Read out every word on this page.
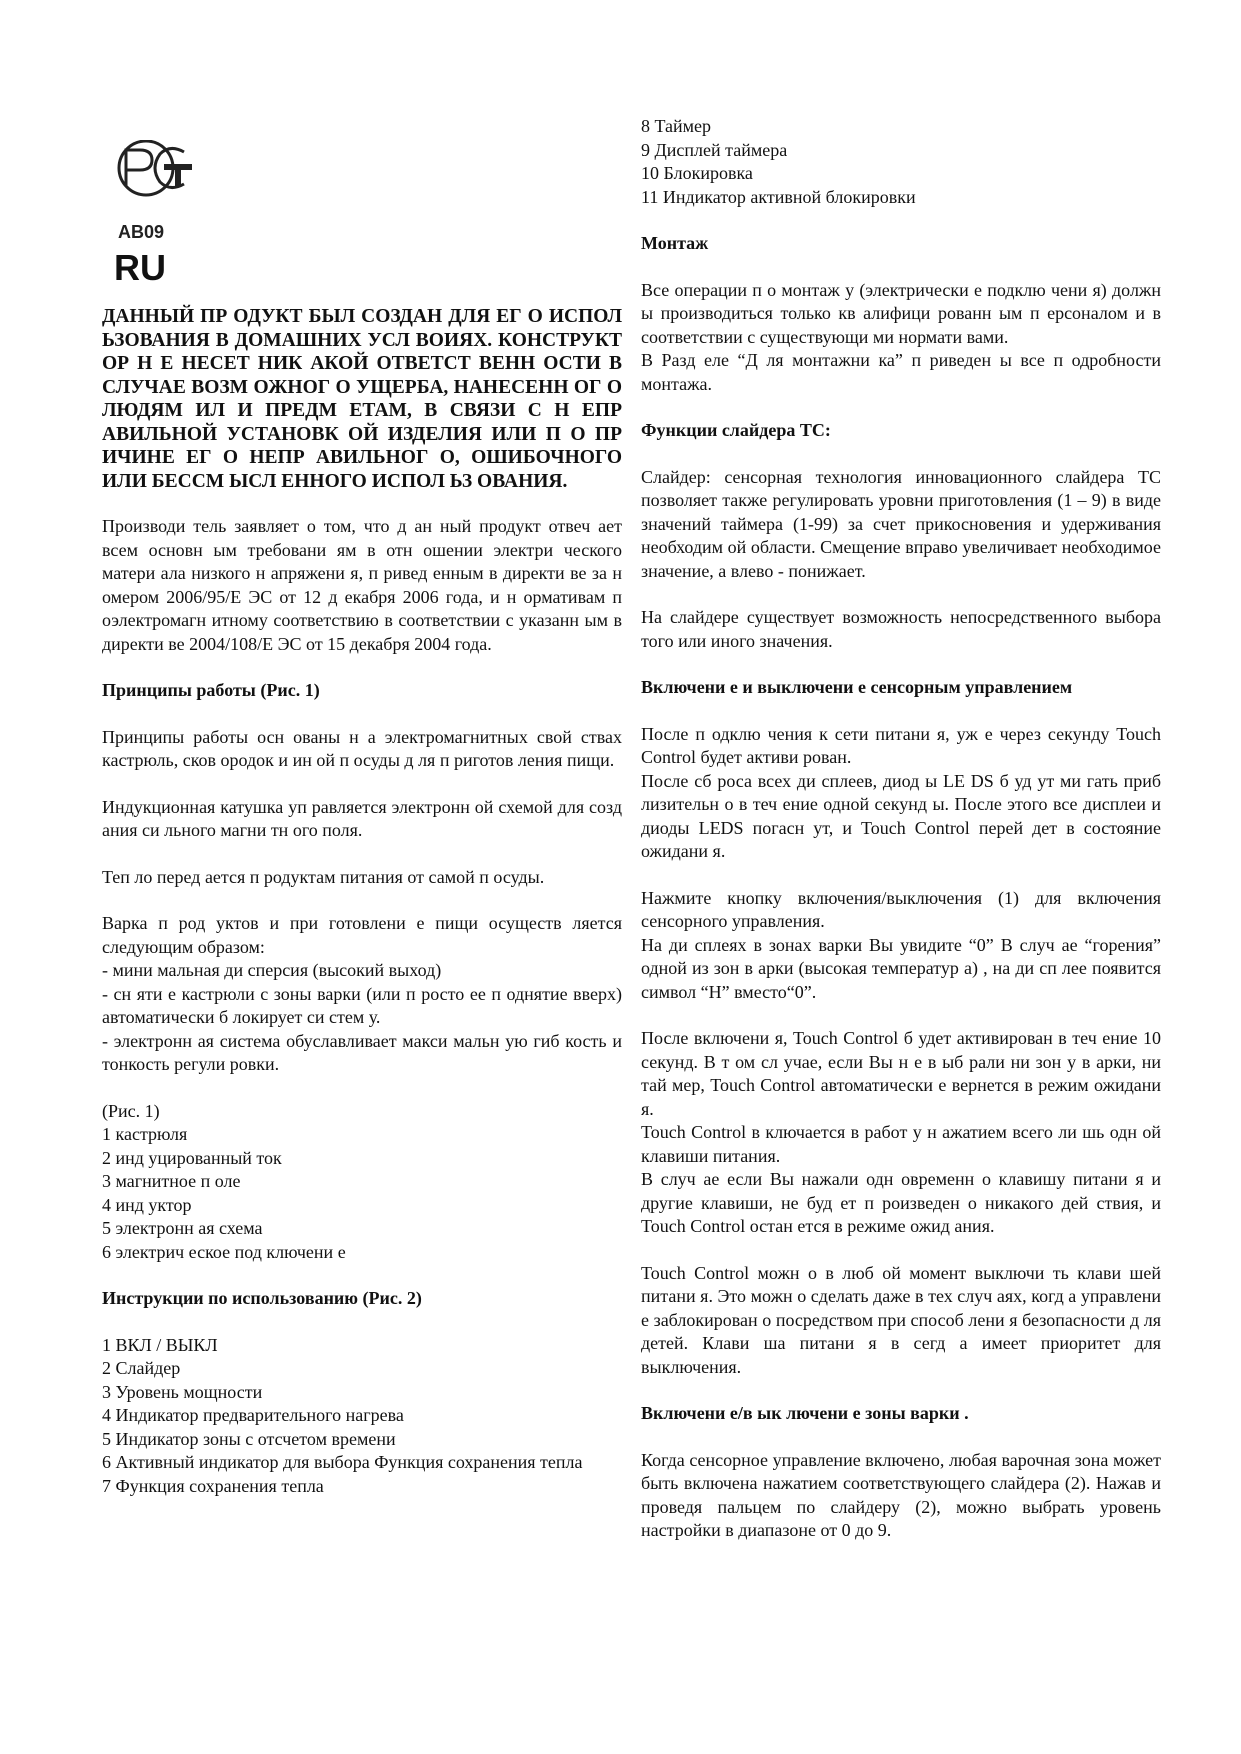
AB09
RU

ДАННЫЙ ПР ОДУКТ БЫЛ СОЗДАН ДЛЯ ЕГ О ИСПОЛ ЬЗОВАНИЯ В ДОМАШНИХ УСЛ ВОИЯХ. КОНСТРУКТ ОР Н Е НЕСЕТ НИК АКОЙ ОТВЕТСТ ВЕНН ОСТИ В СЛУЧАЕ ВОЗМ ОЖНОГ О УЩЕРБА, НАНЕСЕНН ОГ О ЛЮДЯМ ИЛ И ПРЕДМ ЕТАМ, В СВЯЗИ С Н ЕПР АВИЛЬНОЙ УСТАНОВК ОЙ ИЗДЕЛИЯ ИЛИ П О ПР ИЧИНЕ ЕГ О НЕПР АВИЛЬНОГ О, ОШИБОЧНОГО ИЛИ БЕССМ ЫСЛ ЕННОГО ИСПОЛ ЬЗ ОВАНИЯ.

Производи тель заявляет о том, что д ан ный продукт отвеч ает всем основн ым требовани ям в отн ошении электри ческого матери ала низкого н апряжени я, п ривед енным в директи ве за н омером 2006/95/Е ЭС от 12 д екабря 2006 года, и н ормативам п оэлектромагн итному соответствию в соответствии с указанн ым в директи ве 2004/108/Е ЭС от 15 декабря 2004 года.

Принципы работы (Рис. 1)

Принципы работы осн ованы н а электромагнитных свой ствах кастрюль, сков ородок и ин ой п осуды д ля п риготов ления пищи.

Индукционная катушка уп равляется электронн ой схемой для созд ания си льного магни тн ого поля.

Теп ло перед ается п родуктам питания от самой п осуды.

Варка п род уктов и при готовлени е пищи осуществ ляется следующим образом:

- мини мальная ди сперсия (высокий выход)

- сн яти е кастрюли с зоны варки (или п росто ее п однятие вверх) автоматически б локирует си стем у.

- электронн ая система обуславливает макси мальн ую гиб кость и тонкость регули ровки.

(Рис. 1)

1 кастрюля

2 инд уцированный ток

3 магнитное п оле

4 инд уктор

5 электронн ая схема

6 электрич еское под ключени е

Инструкции по использованию (Рис. 2)

1 ВКЛ / ВЫКЛ

2 Слайдер

3 Уровень мощности

4 Индикатор предварительного нагрева

5 Индикатор зоны с отсчетом времени

6 Активный индикатор для выбора Функция сохранения тепла

7 Функция сохранения тепла

8 Таймер

9 Дисплей таймера

10 Блокировка

11 Индикатор активной блокировки

Монтаж

Все операции п о монтаж у (электрически е подклю чени я) должн ы производиться только кв алифици рованн ым п ерсоналом и в соответствии с существующи ми нормати вами.

В Разд еле “Д ля монтажни ка” п риведен ы все п одробности монтажа.

Функции слайдера ТС:

Слайдер: сенсорная технология инновационного слайдера ТС позволяет также регулировать уровни приготовления (1 – 9) в виде значений таймера (1-99) за счет прикосновения и удерживания необходим ой области. Смещение вправо увеличивает необходимое значение, а влево - понижает.

На слайдере существует возможность непосредственного выбора того или иного значения.

Включени е и выключени е сенсорным управлением

После п одклю чения к сети питани я, уж е через секунду Touch Control будет активи рован.

После сб роса всех ди сплеев, диод ы LE DS б уд ут ми гать приб лизительн о в теч ение одной секунд ы. После этого все дисплеи и диоды LEDS погасн ут, и Touch Control перей дет в состояние ожидани я.

Нажмите кнопку включения/выключения (1) для включения сенсорного управления.

На ди сплеях в зонах варки Вы увидите “0” В случ ае “горения” одной из зон в арки (высокая температур а) , на ди сп лее появится символ “Н” вместо“0”.

После включени я, Touch Control б удет активирован в теч ение 10 секунд. В т ом сл учае, если Вы н е в ыб рали ни зон у в арки, ни тай мер, Touch Control автоматически е вернется в режим ожидани я.

Touch Control в ключается в работ у н ажатием всего ли шь одн ой клавиши питания.

В случ ае если Вы нажали одн овременн о клавишу питани я и другие клавиши, не буд ет п роизведен о никакого дей ствия, и Touch Control остан ется в режиме ожид ания.

Touch Control можн о в люб ой момент выключи ть клави шей питани я. Это можн о сделать даже в тех случ аях, когд а управлени е заблокирован о посредством при способ лени я безопасности д ля детей. Клави ша питани я в сегд а имеет приоритет для выключения.

Включени е/в ык лючени е зоны варки .

Когда сенсорное управление включено, любая варочная зона может быть включена нажатием соответствующего слайдера (2). Нажав и проведя пальцем по слайдеру (2), можно выбрать уровень настройки в диапазоне от 0 до 9.
